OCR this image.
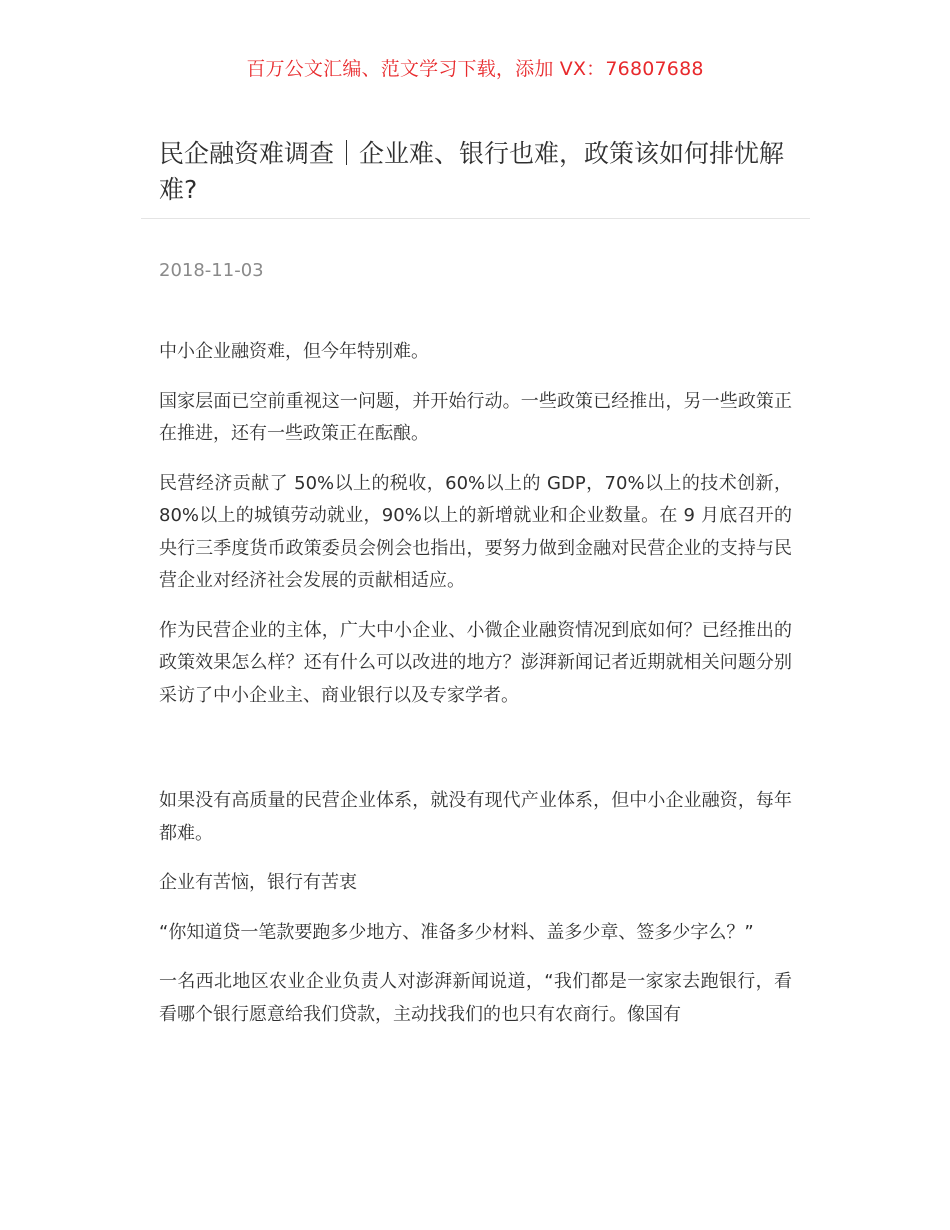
百万公文汇编、范文学习下载，添加 VX：76807688
民企融资难调查｜企业难、银行也难，政策该如何排忧解难?
2018-11-03

中小企业融资难，但今年特别难。

国家层面已空前重视这一问题，并开始行动。一些政策已经推出，另一些政策正在推进，还有一些政策正在酝酿。

民营经济贡献了 50%以上的税收，60%以上的 GDP，70%以上的技术创新，80%以上的城镇劳动就业，90%以上的新增就业和企业数量。在 9 月底召开的央行三季度货币政策委员会例会也指出，要努力做到金融对民营企业的支持与民营企业对经济社会发展的贡献相适应。

作为民营企业的主体，广大中小企业、小微企业融资情况到底如何？已经推出的政策效果怎么样？还有什么可以改进的地方？澎湃新闻记者近期就相关问题分别采访了中小企业主、商业银行以及专家学者。

如果没有高质量的民营企业体系，就没有现代产业体系，但中小企业融资，每年都难。

企业有苦恼，银行有苦衷

“你知道贷一笔款要跑多少地方、准备多少材料、盖多少章、签多少字么？”

一名西北地区农业企业负责人对澎湃新闻说道，“我们都是一家家去跑银行，看看哪个银行愿意给我们贷款，主动找我们的也只有农商行。像国有
